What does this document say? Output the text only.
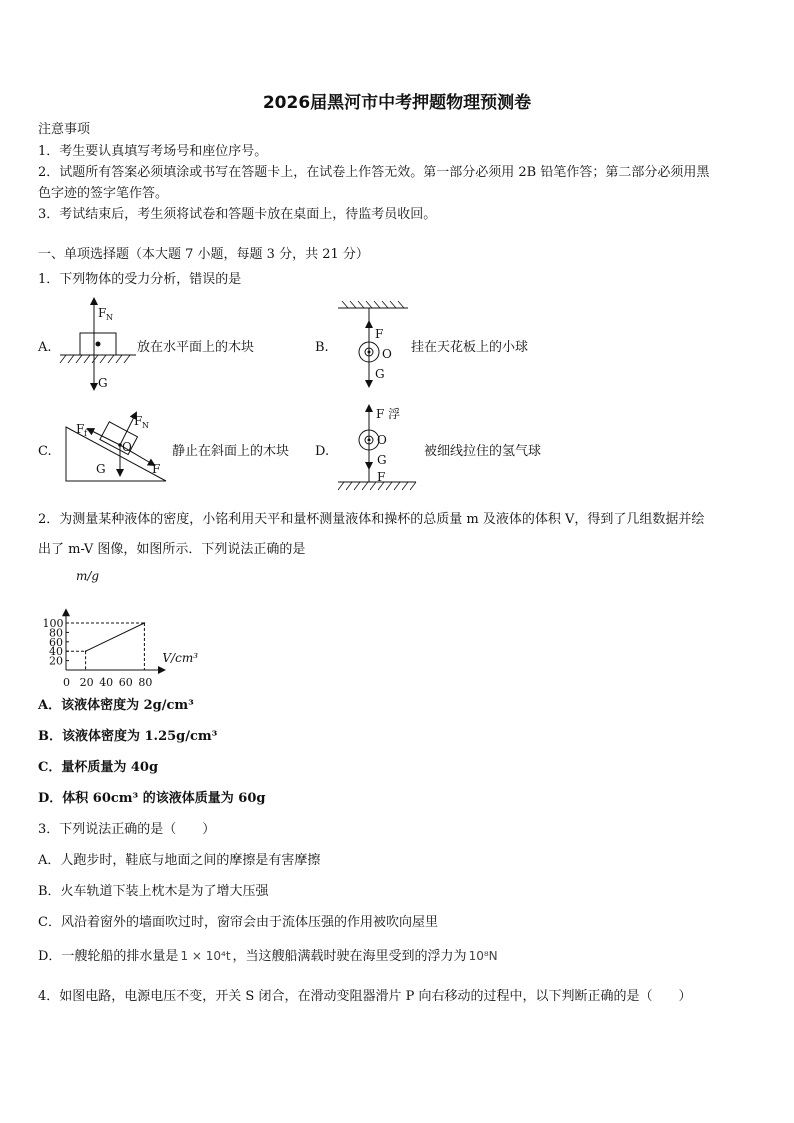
2026届黑河市中考押题物理预测卷
注意事项
1．考生要认真填写考场号和座位序号。
2．试题所有答案必须填涂或书写在答题卡上，在试卷上作答无效。第一部分必须用 2B 铅笔作答；第二部分必须用黑
色字迹的签字笔作答。
3．考试结束后，考生须将试卷和答题卡放在桌面上，待监考员收回。
一、单项选择题（本大题 7 小题，每题 3 分，共 21 分）
1．下列物体的受力分析，错误的是
A.
F N
G
放在水平面上的木块	B.
F
O
G
挂在天花板上的小球
C.
F f
F N
O
G	F
静止在斜面上的木块 D.
F 浮
O
G
F
被细线拉住的氢气球
2．为测量某种液体的密度，小铭利用天平和量杯测量液体和操杯的总质量 m 及液体的体积 V，得到了几组数据并绘
出了 m-V 图像，如图所示．下列说法正确的是
0 20 40 60 80
20
40
60
80
100
m/g
V/cm³
A．该液体密度为 2g/cm³
B．该液体密度为 1.25g/cm³
C．量杯质量为 40g
D．体积 60cm³ 的该液体质量为 60g
3．下列说法正确的是（　　）
A．人跑步时，鞋底与地面之间的摩擦是有害摩擦
B．火车轨道下装上枕木是为了增大压强
C．风沿着窗外的墙面吹过时，窗帘会由于流体压强的作用被吹向屋里
D．一艘轮船的排水量是 1 × 10⁴t ，当这艘船满载时驶在海里受到的浮力为 10⁸N
4．如图电路，电源电压不变，开关 S 闭合，在滑动变阻器滑片 P 向右移动的过程中，以下判断正确的是（　　）
